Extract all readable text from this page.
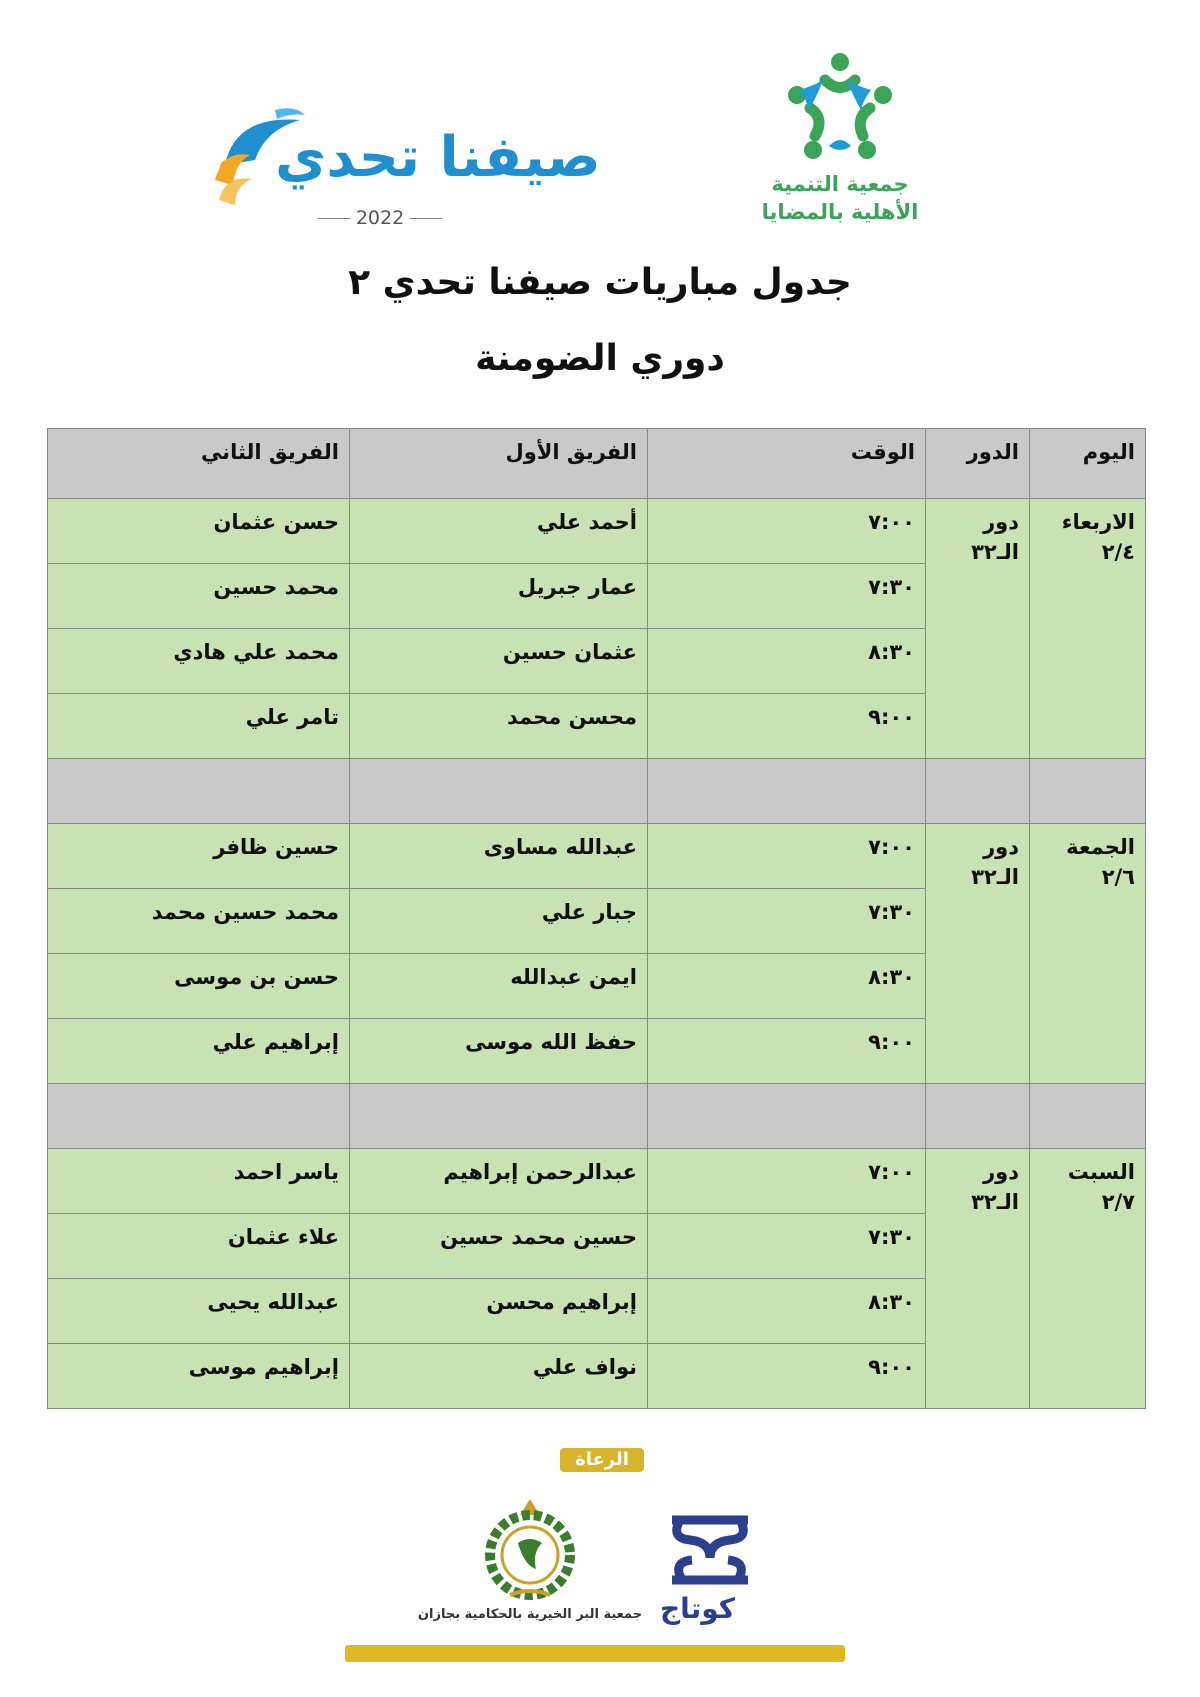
جمعية التنمية
الأهلية بالمضايا
صيفنا تحدي
2022
جدول مباريات صيفنا تحدي ٢
دوري الضومنة
اليوم	الدور	الوقت	الفريق الأول	الفريق الثاني

الاربعاء
٢/٤	دور الـ٣٢	٧:٠٠	أحمد علي	حسن عثمان
		٧:٣٠	عمار جبريل	محمد حسين
		٨:٣٠	عثمان حسين	محمد علي هادي
		٩:٠٠	محسن محمد	تامر علي

الجمعة
٢/٦	دور الـ٣٢	٧:٠٠	عبدالله مساوى	حسين ظافر
		٧:٣٠	جبار علي	محمد حسين محمد
		٨:٣٠	ايمن عبدالله	حسن بن موسى
		٩:٠٠	حفظ الله موسى	إبراهيم علي

السبت
٢/٧	دور الـ٣٢	٧:٠٠	عبدالرحمن إبراهيم	ياسر احمد
		٧:٣٠	حسين محمد حسين	علاء عثمان
		٨:٣٠	إبراهيم محسن	عبدالله يحيى
		٩:٠٠	نواف علي	إبراهيم موسى
الرعاة
كوتاج
جمعية البر الخيرية بالحكامية بجازان
